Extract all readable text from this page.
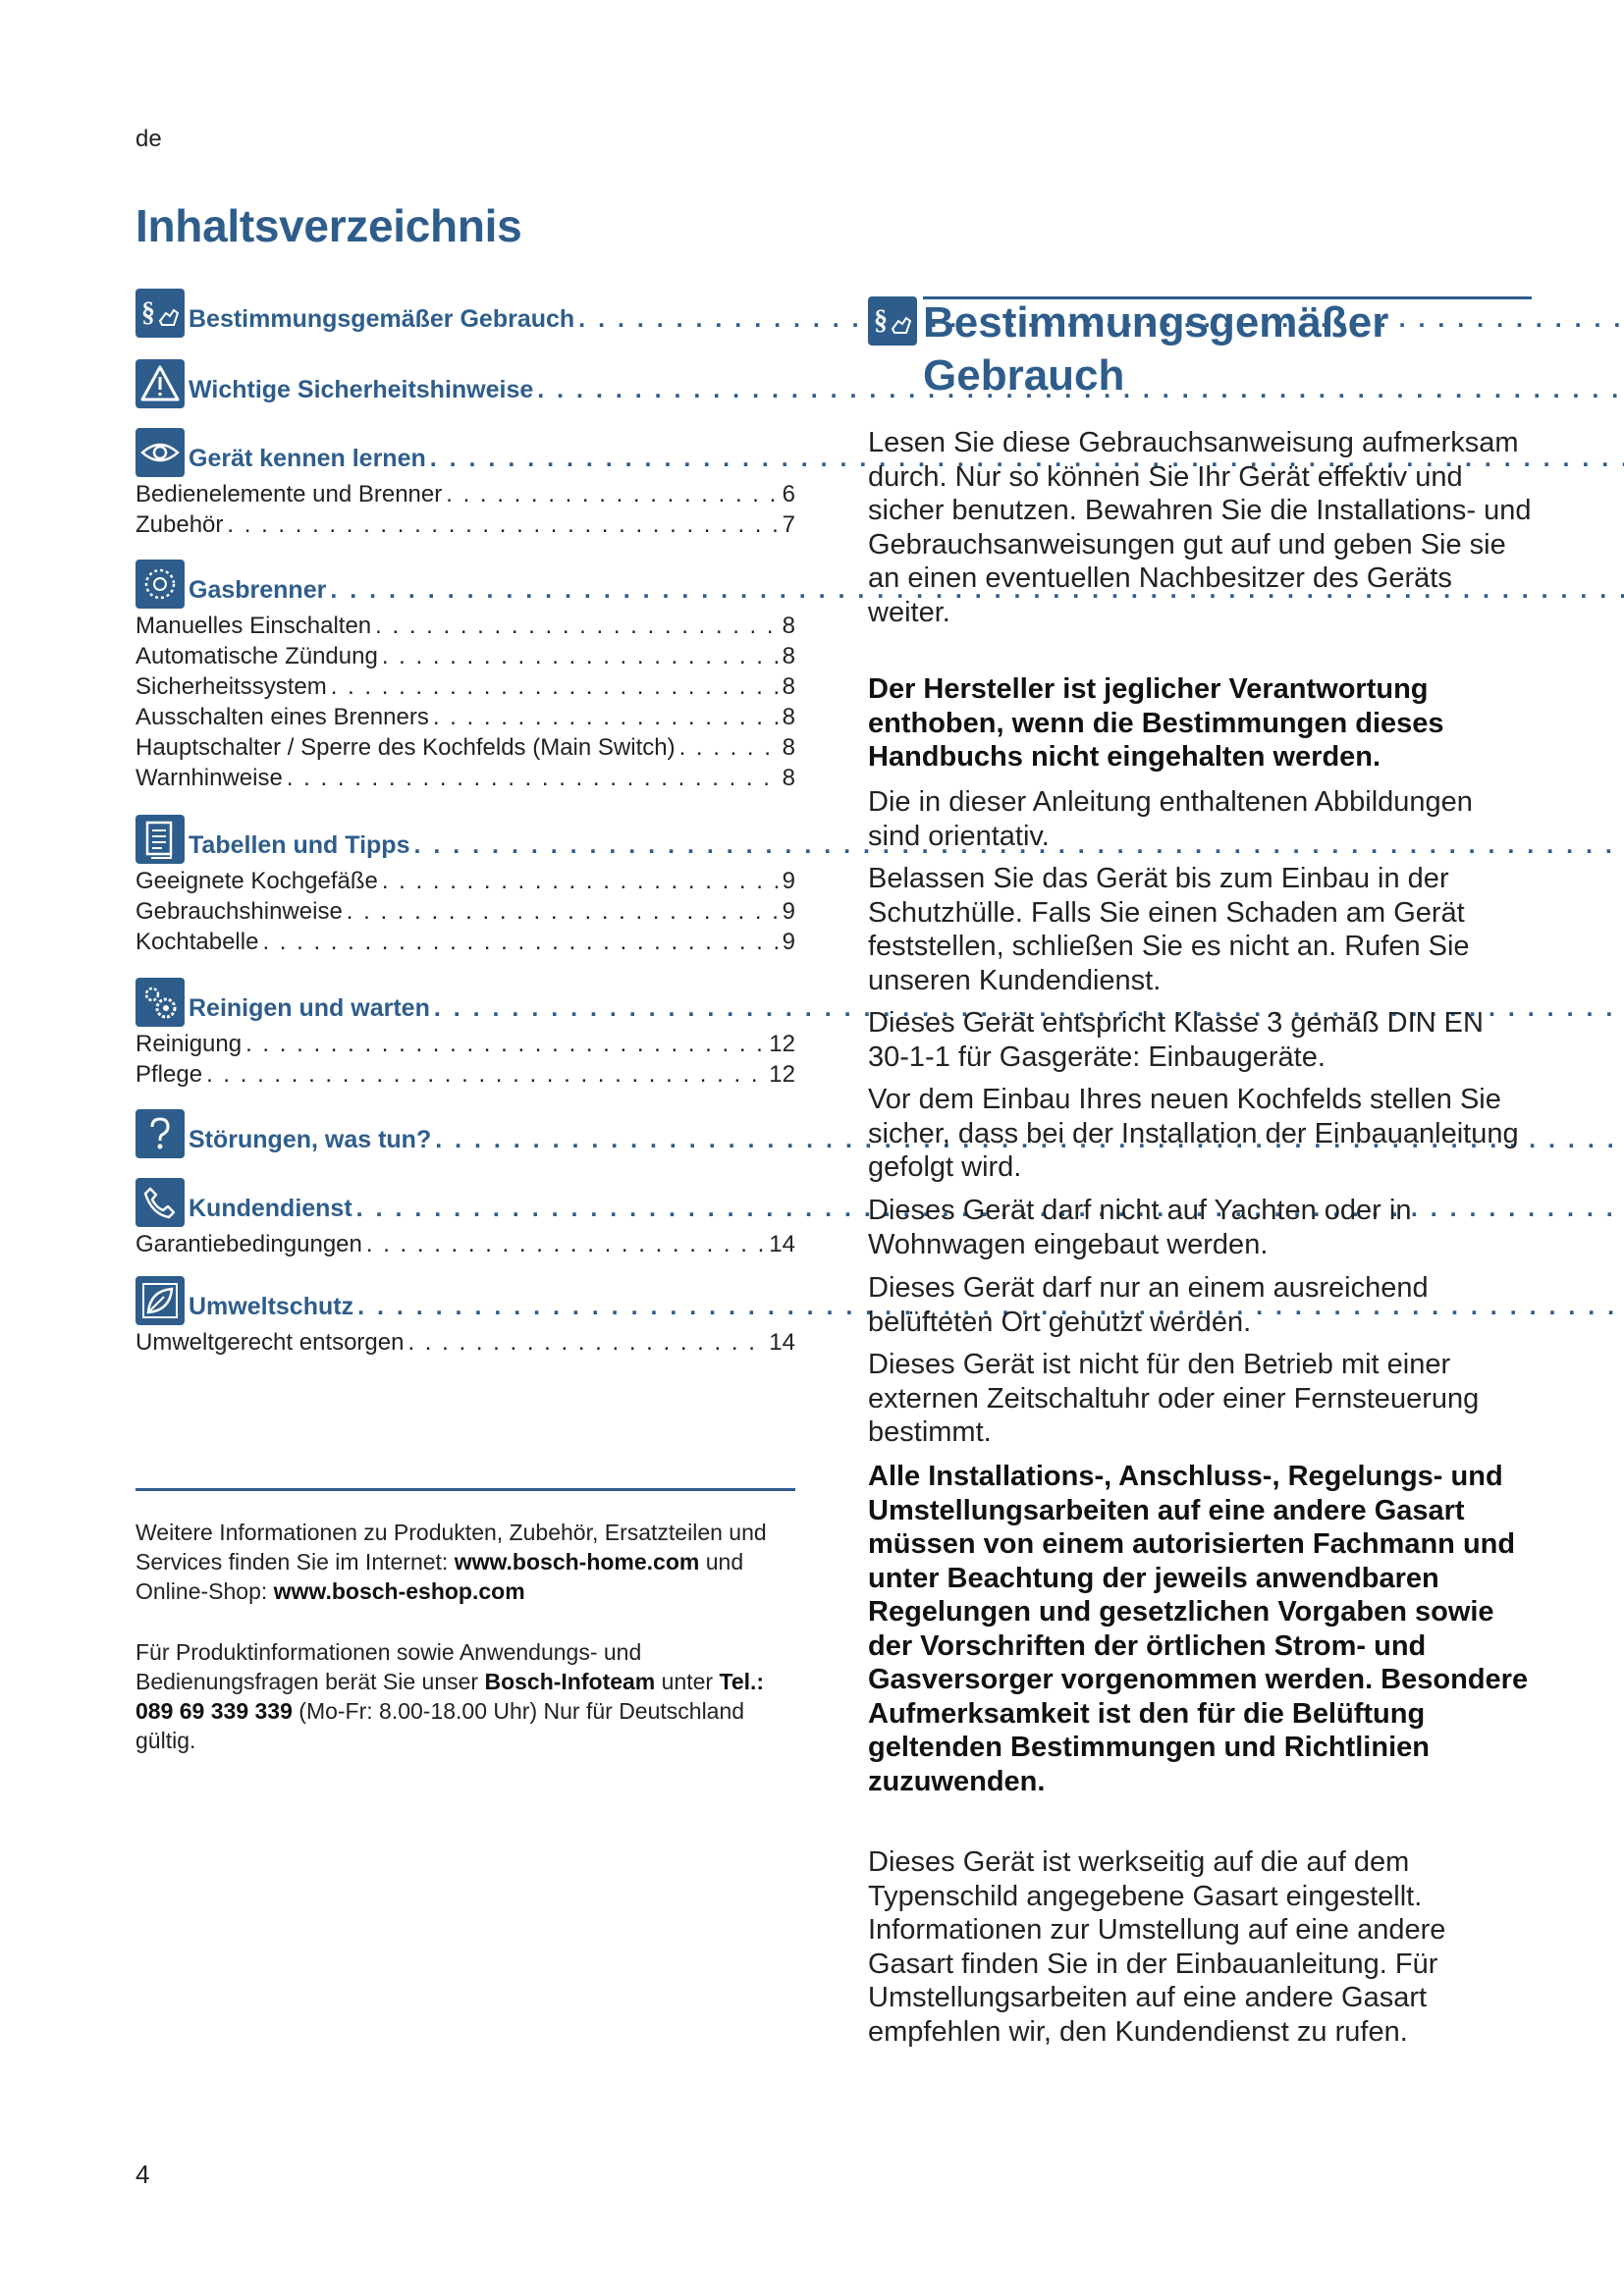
de
Inhaltsverzeichnis
§ Bestimmungsgemäßer Gebrauch
. . .
Wichtige Sicherheitshinweise
. . .
Gerät kennen lernen
. . .
Bedienelemente und Brenner . . .	6
Zubehör . . .	7
Gasbrenner
. . .
Manuelles Einschalten . . .	8
Automatische Zündung . . .	8
Sicherheitssystem . . .	8
Ausschalten eines Brenners . . .	8
Hauptschalter / Sperre des Kochfelds (Main Switch) . . .	8
Warnhinweise . . .	8
Tabellen und Tipps
. . .
Geeignete Kochgefäße . . .	9
Gebrauchshinweise . . .	9
Kochtabelle . . .	9
Reinigen und warten
. . .
Reinigung . . .	12
Pflege . . .	12
Störungen, was tun?
. . .
Kundendienst
. . .
Garantiebedingungen . . .	14
Umweltschutz
. . .
Umweltgerecht entsorgen . . .	14

Weitere Informationen zu Produkten, Zubehör, Ersatzteilen und Services finden Sie im Internet: www.bosch-home.com und Online-Shop: www.bosch-eshop.com

Für Produktinformationen sowie Anwendungs- und Bedienungsfragen berät Sie unser Bosch-Infoteam unter Tel.: 089 69 339 339 (Mo-Fr: 8.00-18.00 Uhr) Nur für Deutschland gültig.

§ Bestimmungsgemäßer Gebrauch

Lesen Sie diese Gebrauchsanweisung aufmerksam durch. Nur so können Sie Ihr Gerät effektiv und sicher benutzen. Bewahren Sie die Installations- und Gebrauchsanweisungen gut auf und geben Sie sie an einen eventuellen Nachbesitzer des Geräts weiter.

Der Hersteller ist jeglicher Verantwortung enthoben, wenn die Bestimmungen dieses Handbuchs nicht eingehalten werden.

Die in dieser Anleitung enthaltenen Abbildungen sind orientativ.

Belassen Sie das Gerät bis zum Einbau in der Schutzhülle. Falls Sie einen Schaden am Gerät feststellen, schließen Sie es nicht an. Rufen Sie unseren Kundendienst.

Dieses Gerät entspricht Klasse 3 gemäß DIN EN 30-1-1 für Gasgeräte: Einbaugeräte.

Vor dem Einbau Ihres neuen Kochfelds stellen Sie sicher, dass bei der Installation der Einbauanleitung gefolgt wird.

Dieses Gerät darf nicht auf Yachten oder in Wohnwagen eingebaut werden.

Dieses Gerät darf nur an einem ausreichend belüfteten Ort genutzt werden.

Dieses Gerät ist nicht für den Betrieb mit einer externen Zeitschaltuhr oder einer Fernsteuerung bestimmt.

Alle Installations-, Anschluss-, Regelungs- und Umstellungsarbeiten auf eine andere Gasart müssen von einem autorisierten Fachmann und unter Beachtung der jeweils anwendbaren Regelungen und gesetzlichen Vorgaben sowie der Vorschriften der örtlichen Strom- und Gasversorger vorgenommen werden. Besondere Aufmerksamkeit ist den für die Belüftung geltenden Bestimmungen und Richtlinien zuzuwenden.

Dieses Gerät ist werkseitig auf die auf dem Typenschild angegebene Gasart eingestellt. Informationen zur Umstellung auf eine andere Gasart finden Sie in der Einbauanleitung. Für Umstellungsarbeiten auf eine andere Gasart empfehlen wir, den Kundendienst zu rufen.

4
